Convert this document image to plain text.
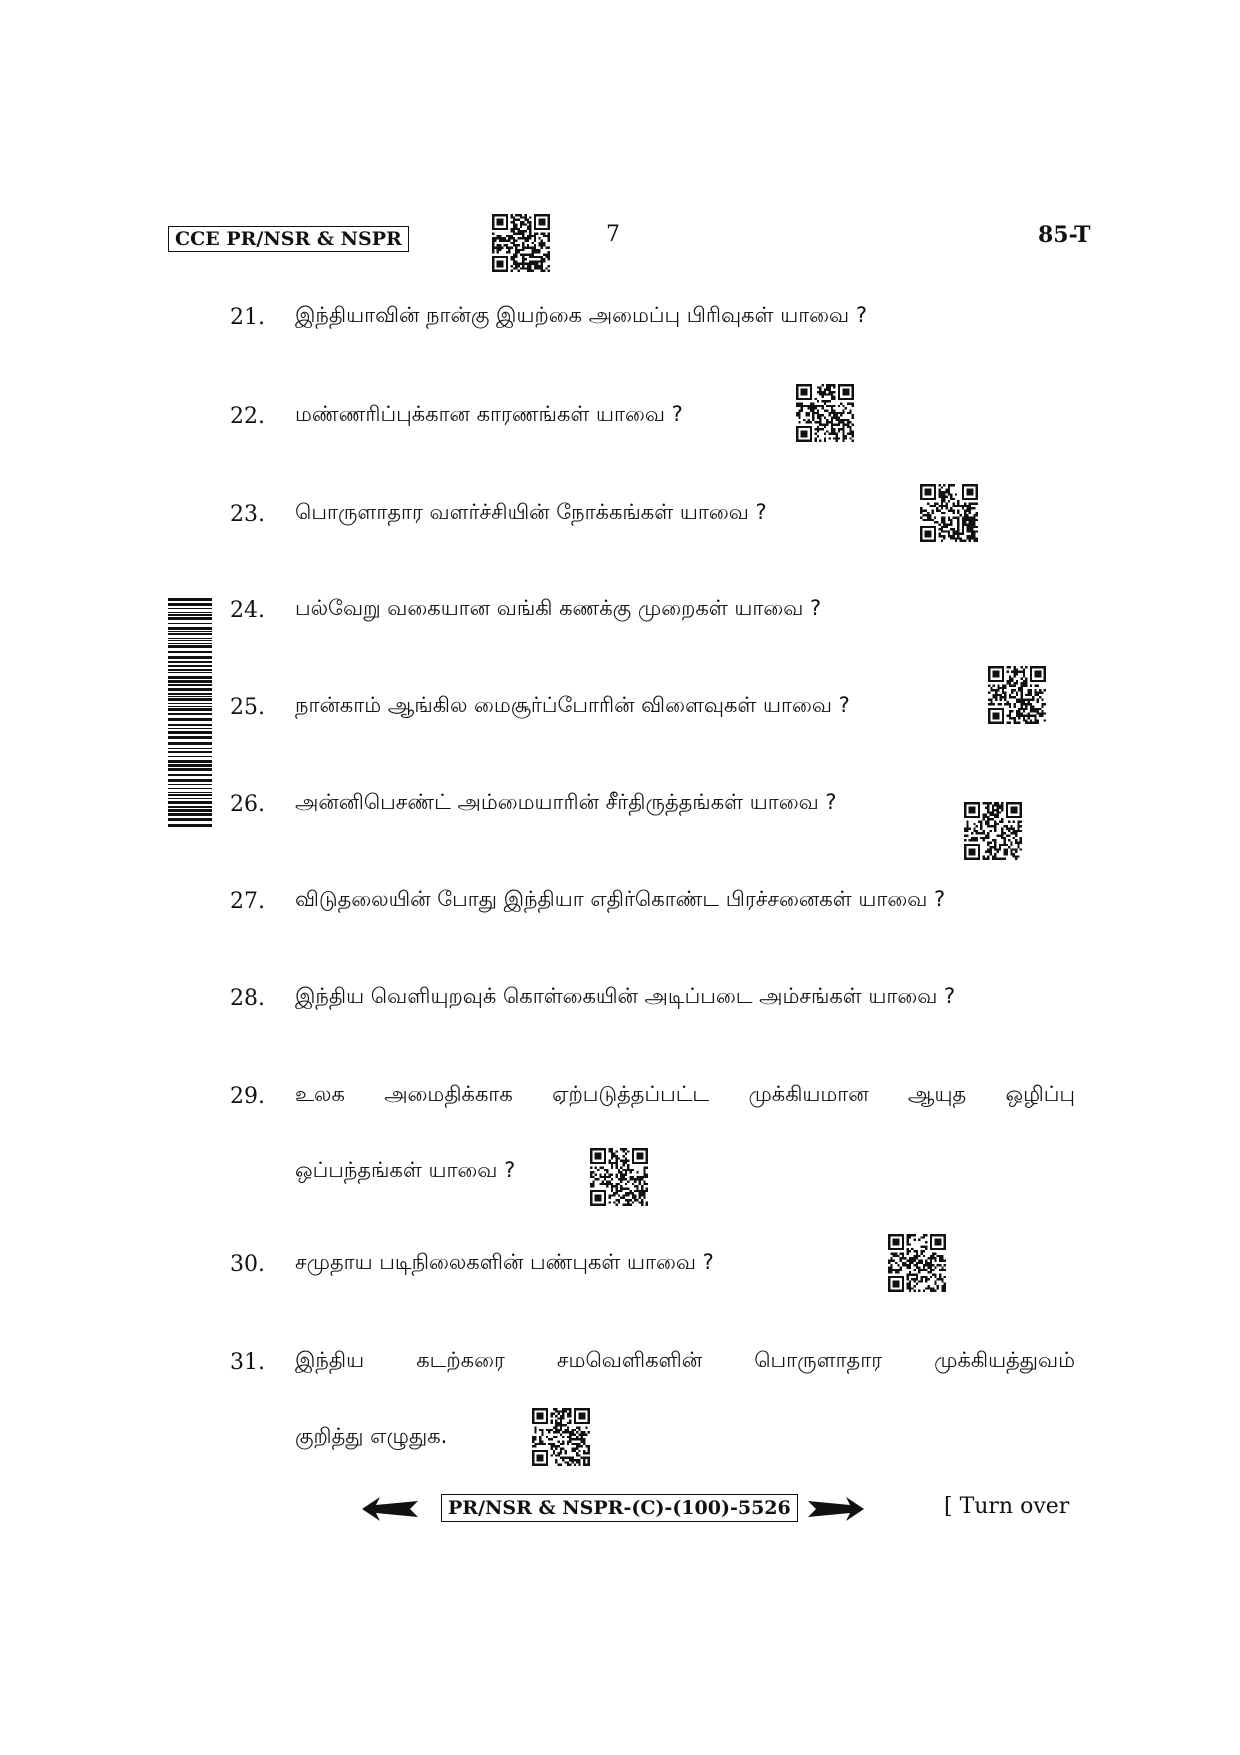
CCE PR/NSR & NSPR	7	85-T
21. இந்தியாவின் நான்கு இயற்கை அமைப்பு பிரிவுகள் யாவை ?
22. மண்ணரிப்புக்கான காரணங்கள் யாவை ?
23. பொருளாதார வளர்ச்சியின் நோக்கங்கள் யாவை ?
24. பல்வேறு வகையான வங்கி கணக்கு முறைகள் யாவை ?
25. நான்காம் ஆங்கில மைசூர்ப்போரின் விளைவுகள் யாவை ?
26. அன்னிபெசண்ட் அம்மையாரின் சீர்திருத்தங்கள் யாவை ?
27. விடுதலையின் போது இந்தியா எதிர்கொண்ட பிரச்சனைகள் யாவை ?
28. இந்திய வெளியுறவுக் கொள்கையின் அடிப்படை அம்சங்கள் யாவை ?
29. உலக அமைதிக்காக ஏற்படுத்தப்பட்ட முக்கியமான ஆயுத ஒழிப்பு
ஒப்பந்தங்கள் யாவை ?
30. சமுதாய படிநிலைகளின் பண்புகள் யாவை ?
31. இந்திய கடற்கரை சமவெளிகளின் பொருளாதார முக்கியத்துவம்
குறித்து எழுதுக.
PR/NSR & NSPR-(C)-(100)-5526	[ Turn over
